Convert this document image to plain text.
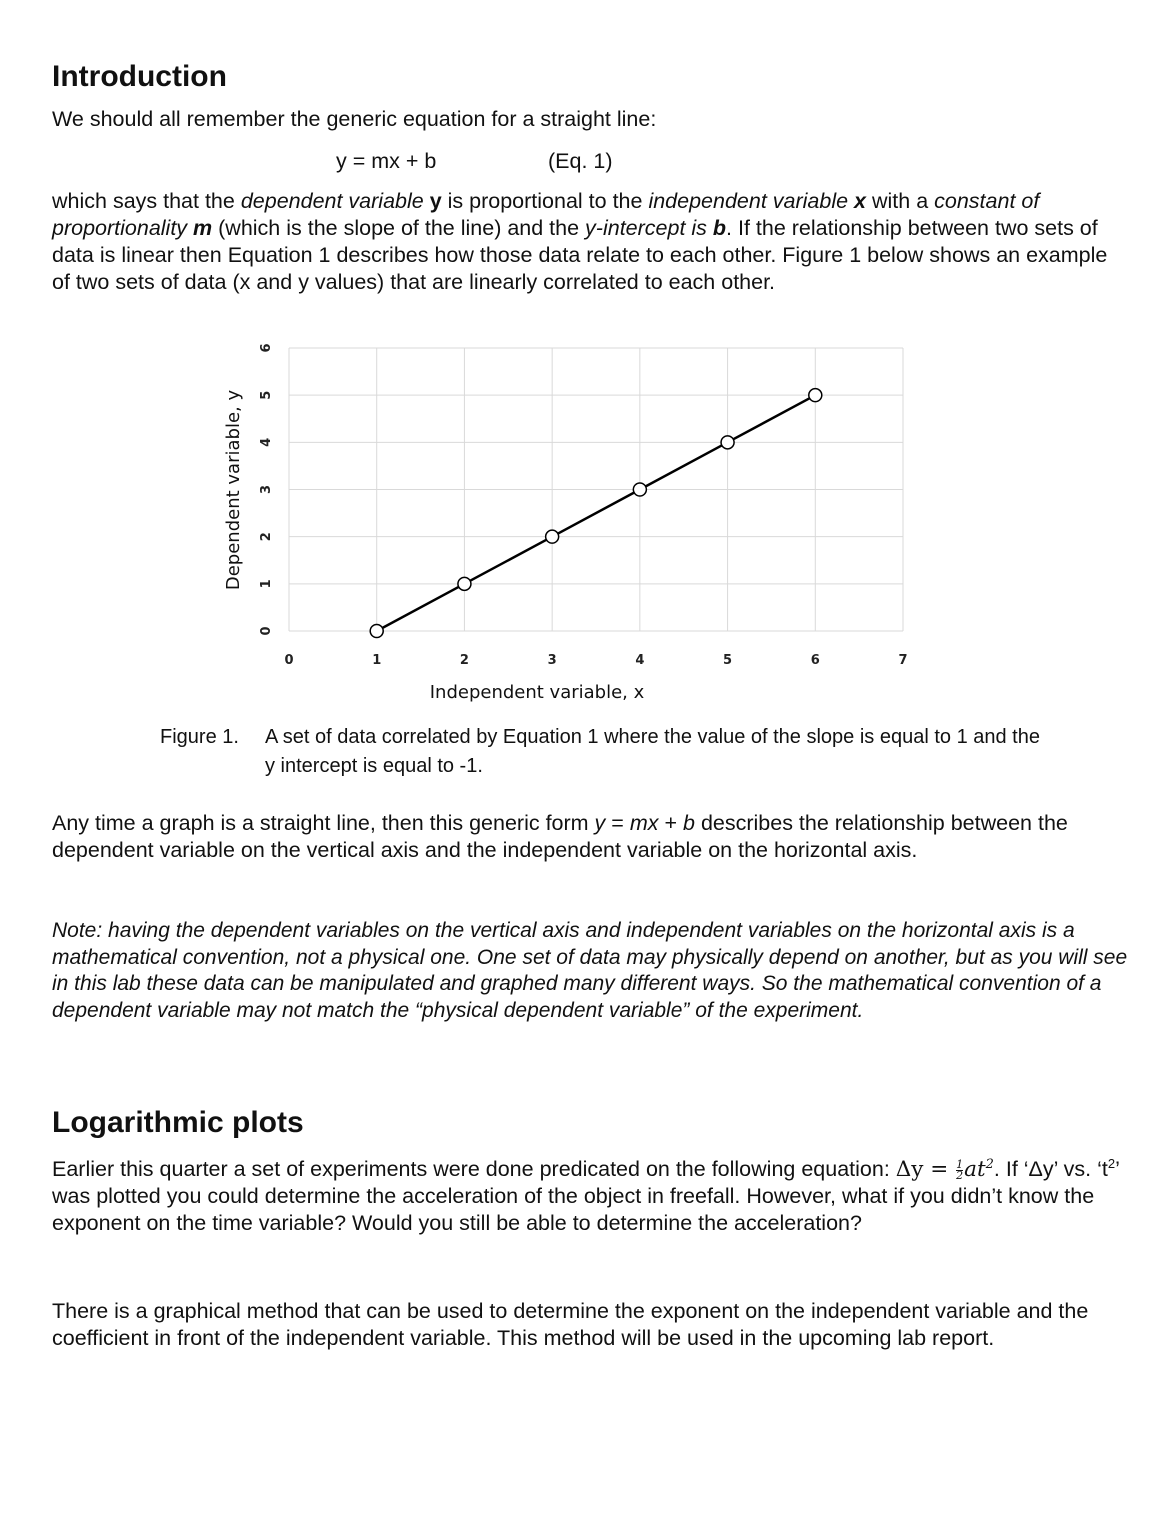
Introduction

We should all remember the generic equation for a straight line:

y = mx + b	(Eq. 1)

which says that the dependent variable y is proportional to the independent variable x with a constant of proportionality m (which is the slope of the line) and the y-intercept is b. If the relationship between two sets of data is linear then Equation 1 describes how those data relate to each other. Figure 1 below shows an example of two sets of data (x and y values) that are linearly correlated to each other.

0
1
2
3
4
5
6
0	1	2	3	4	5	6	7
Dependent variable, y
Independent variable, x
Figure 1. A set of data correlated by Equation 1 where the value of the slope is equal to 1 and the y intercept is equal to -1.

Any time a graph is a straight line, then this generic form y = mx + b describes the relationship between the dependent variable on the vertical axis and the independent variable on the horizontal axis.

Note: having the dependent variables on the vertical axis and independent variables on the horizontal axis is a mathematical convention, not a physical one. One set of data may physically depend on another, but as you will see in this lab these data can be manipulated and graphed many different ways. So the mathematical convention of a dependent variable may not match the “physical dependent variable” of the experiment.

Logarithmic plots

Earlier this quarter a set of experiments were done predicated on the following equation: $\Delta y = \frac{1}{2} at^2$. If ‘Δy’ vs. ‘$t^2$’ was plotted you could determine the acceleration of the object in freefall. However, what if you didn’t know the exponent on the time variable? Would you still be able to determine the acceleration?

There is a graphical method that can be used to determine the exponent on the independent variable and the coefficient in front of the independent variable. This method will be used in the upcoming lab report.
